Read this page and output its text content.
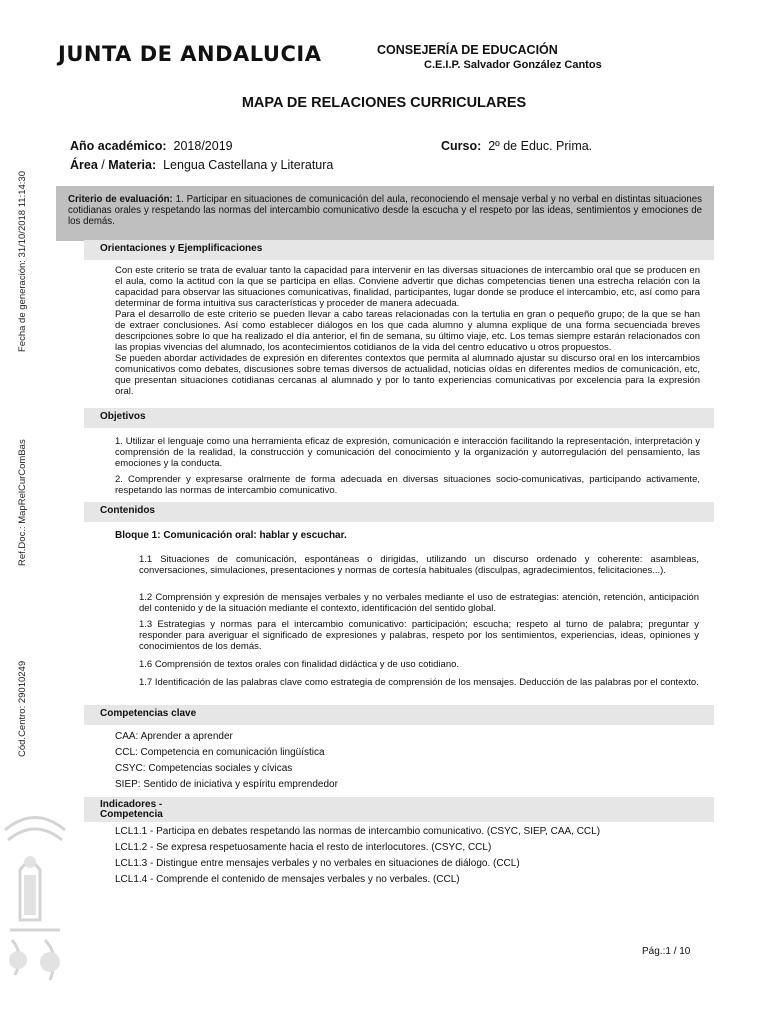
JUNTA DE ANDALUCIA	CONSEJERÍA DE EDUCACIÓN
C.E.I.P. Salvador González Cantos
MAPA DE RELACIONES CURRICULARES
Año académico: 2018/2019	Curso: 2º de Educ. Prima.
Área / Materia: Lengua Castellana y Literatura
Fecha de generación: 31/10/2018 11:14:30
Ref.Doc.: MapRelCurComBas
Cód.Centro: 29010249
Criterio de evaluación: 1. Participar en situaciones de comunicación del aula, reconociendo el mensaje verbal y no verbal en distintas situaciones cotidianas orales y respetando las normas del intercambio comunicativo desde la escucha y el respeto por las ideas, sentimientos y emociones de los demás.
Orientaciones y Ejemplificaciones

Con este criterio se trata de evaluar tanto la capacidad para intervenir en las diversas situaciones de intercambio oral que se producen en el aula, como la actitud con la que se participa en ellas. Conviene advertir que dichas competencias tienen una estrecha relación con la capacidad para observar las situaciones comunicativas, finalidad, participantes, lugar donde se produce el intercambio, etc, así como para determinar de forma intuitiva sus características y proceder de manera adecuada.

Para el desarrollo de este criterio se pueden llevar a cabo tareas relacionadas con la tertulia en gran o pequeño grupo; de la que se han de extraer conclusiones. Así como establecer diálogos en los que cada alumno y alumna explique de una forma secuenciada breves descripciones sobre lo que ha realizado el día anterior, el fin de semana, su último viaje, etc. Los temas siempre estarán relacionados con las propias vivencias del alumnado, los acontecimientos cotidianos de la vida del centro educativo u otros propuestos.

Se pueden abordar actividades de expresión en diferentes contextos que permita al alumnado ajustar su discurso oral en los intercambios comunicativos como debates, discusiones sobre temas diversos de actualidad, noticias oídas en diferentes medios de comunicación, etc, que presentan situaciones cotidianas cercanas al alumnado y por lo tanto experiencias comunicativas por excelencia para la expresión oral.

Objetivos
1. Utilizar el lenguaje como una herramienta eficaz de expresión, comunicación e interacción facilitando la representación, interpretación y comprensión de la realidad, la construcción y comunicación del conocimiento y la organización y autorregulación del pensamiento, las emociones y la conducta.
2. Comprender y expresarse oralmente de forma adecuada en diversas situaciones socio-comunicativas, participando activamente, respetando las normas de intercambio comunicativo.
Contenidos
Bloque 1: Comunicación oral: hablar y escuchar.
1.1 Situaciones de comunicación, espontáneas o dirigidas, utilizando un discurso ordenado y coherente: asambleas, conversaciones, simulaciones, presentaciones y normas de cortesía habituales (disculpas, agradecimientos, felicitaciones...).
1.2 Comprensión y expresión de mensajes verbales y no verbales mediante el uso de estrategias: atención, retención, anticipación del contenido y de la situación mediante el contexto, identificación del sentido global.
1.3 Estrategias y normas para el intercambio comunicativo: participación; escucha; respeto al turno de palabra; preguntar y responder para averiguar el significado de expresiones y palabras, respeto por los sentimientos, experiencias, ideas, opiniones y conocimientos de los demás.
1.6 Comprensión de textos orales con finalidad didáctica y de uso cotidiano.
1.7 Identificación de las palabras clave como estrategia de comprensión de los mensajes. Deducción de las palabras por el contexto.
Competencias clave
CAA: Aprender a aprender
CCL: Competencia en comunicación lingüística
CSYC: Competencias sociales y cívicas
SIEP: Sentido de iniciativa y espíritu emprendedor
Indicadores -
Competencia
LCL1.1 - Participa en debates respetando las normas de intercambio comunicativo. (CSYC, SIEP, CAA, CCL)
LCL1.2 - Se expresa respetuosamente hacia el resto de interlocutores. (CSYC, CCL)
LCL1.3 - Distingue entre mensajes verbales y no verbales en situaciones de diálogo. (CCL)
LCL1.4 - Comprende el contenido de mensajes verbales y no verbales. (CCL)
Pág.:1 / 10
